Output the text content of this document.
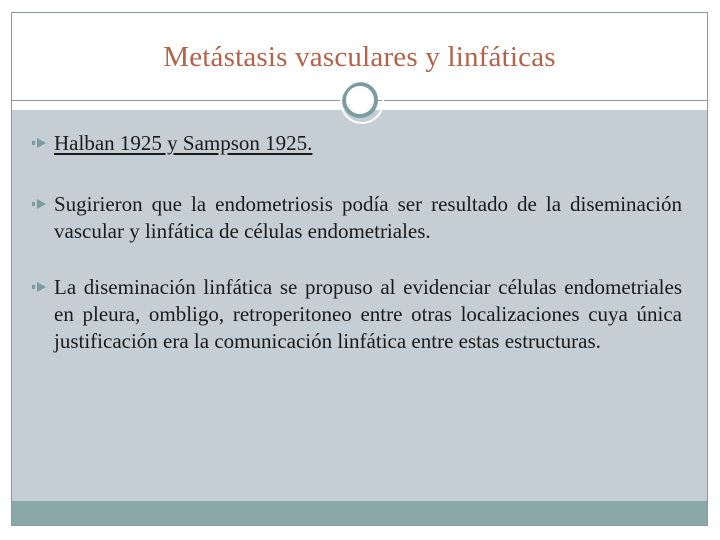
Metástasis vasculares y linfáticas
Halban 1925 y Sampson 1925.
Sugirieron que la endometriosis podía ser resultado de la diseminación vascular y linfática de células endometriales.
La diseminación linfática se propuso al evidenciar células endometriales en pleura, ombligo, retroperitoneo entre otras localizaciones cuya única justificación era la comunicación linfática entre estas estructuras.
